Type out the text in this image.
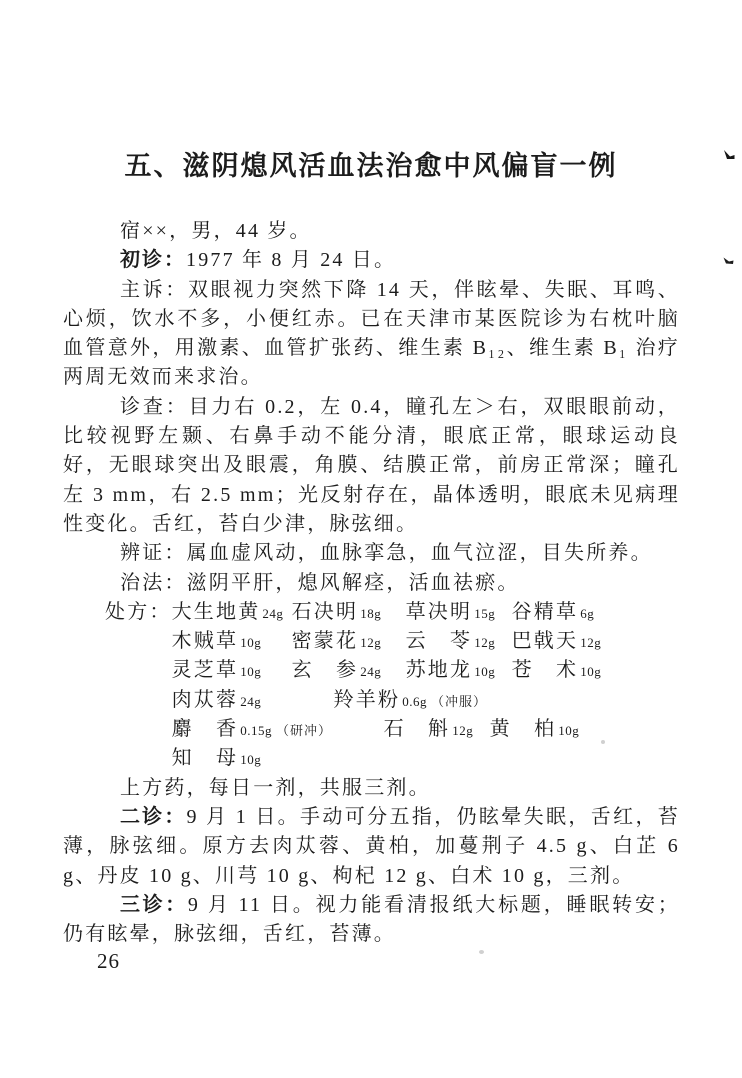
五、滋阴熄风活血法治愈中风偏盲一例

宿××，男，44 岁。

初诊：1977 年 8 月 24 日。

主诉：双眼视力突然下降 14 天，伴眩晕、失眠、耳鸣、心烦，饮水不多，小便红赤。已在天津市某医院诊为右枕叶脑血管意外，用激素、血管扩张药、维生素 B₁₂、维生素 B₁ 治疗两周无效而来求治。

诊查：目力右 0.2，左 0.4，瞳孔左＞右，双眼眼前动，比较视野左颞、右鼻手动不能分清，眼底正常，眼球运动良好，无眼球突出及眼震，角膜、结膜正常，前房正常深；瞳孔左 3 mm，右 2.5 mm；光反射存在，晶体透明，眼底未见病理性变化。舌红，苔白少津，脉弦细。

辨证：属血虚风动，血脉挛急，血气泣涩，目失所养。

治法：滋阴平肝，熄风解痉，活血祛瘀。

处方： 大生地黄 24g 石决明 18g	草决明 15g 谷精草 6g
木贼草 10g	密蒙花 12g	云　苓 12g 巴戟天 12g
灵芝草 10g	玄　参 24g	苏地龙 10g 苍　术 10g
肉苁蓉 24g	羚羊粉 0.6g （冲服）
麝　香 0.15g （研冲）	石　斛 12g 黄　柏 10g
知　母 10g

上方药，每日一剂，共服三剂。

二诊：9 月 1 日。手动可分五指，仍眩晕失眠，舌红，苔薄，脉弦细。原方去肉苁蓉、黄柏，加蔓荆子 4.5 g、白芷 6 g、丹皮 10 g、川芎 10 g、枸杞 12 g、白术 10 g，三剂。

三诊：9 月 11 日。视力能看清报纸大标题，睡眠转安；仍有眩晕，脉弦细，舌红，苔薄。

26
